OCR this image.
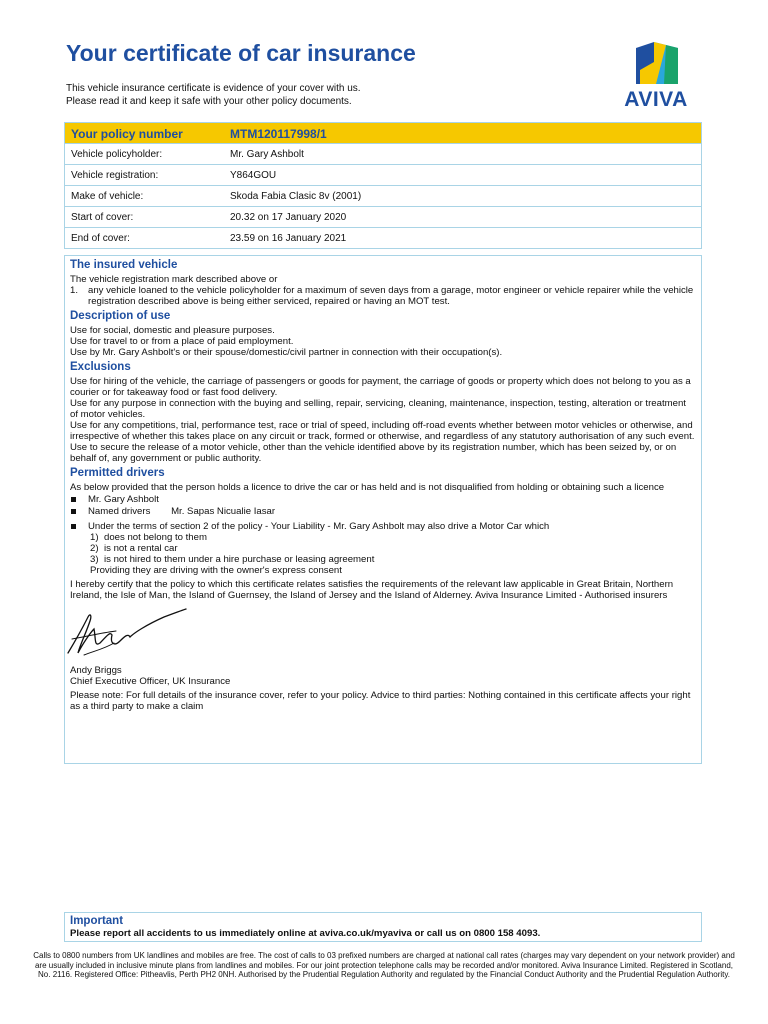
Your certificate of car insurance
This vehicle insurance certificate is evidence of your cover with us.
Please read it and keep it safe with your other policy documents.	AVIVA
Your policy number	MTM120117998/1
Vehicle policyholder:	Mr. Gary Ashbolt
Vehicle registration:	Y864GOU
Make of vehicle:	Skoda Fabia Clasic 8v (2001)
Start of cover:	20.32 on 17 January 2020
End of cover:	23.59 on 16 January 2021
The insured vehicle

The vehicle registration mark described above or

1. any vehicle loaned to the vehicle policyholder for a maximum of seven days from a garage, motor engineer or vehicle repairer while the vehicle registration described above is being either serviced, repaired or having an MOT test.
Description of use

Use for social, domestic and pleasure purposes.

Use for travel to or from a place of paid employment.

Use by Mr. Gary Ashbolt's or their spouse/domestic/civil partner in connection with their occupation(s).

Exclusions

Use for hiring of the vehicle, the carriage of passengers or goods for payment, the carriage of goods or property which does not belong to you as a courier or for takeaway food or fast food delivery.

Use for any purpose in connection with the buying and selling, repair, servicing, cleaning, maintenance, inspection, testing, alteration or treatment of motor vehicles.

Use for any competitions, trial, performance test, race or trial of speed, including off-road events whether between motor vehicles or otherwise, and irrespective of whether this takes place on any circuit or track, formed or otherwise, and regardless of any statutory authorisation of any such event.

Use to secure the release of a motor vehicle, other than the vehicle identified above by its registration number, which has been seized by, or on behalf of, any government or public authority.

Permitted drivers

As below provided that the person holds a licence to drive the car or has held and is not disqualified from holding or obtaining such a licence

Mr. Gary Ashbolt
Named drivers Mr. Sapas Nicualie Iasar
Under the terms of section 2 of the policy - Your Liability - Mr. Gary Ashbolt may also drive a Motor Car which
1) does not belong to them
2) is not a rental car
3) is not hired to them under a hire purchase or leasing agreement

Providing they are driving with the owner's express consent

I hereby certify that the policy to which this certificate relates satisfies the requirements of the relevant law applicable in Great Britain, Northern Ireland, the Isle of Man, the Island of Guernsey, the Island of Jersey and the Island of Alderney. Aviva Insurance Limited - Authorised insurers

Andy Briggs

Chief Executive Officer, UK Insurance

Please note: For full details of the insurance cover, refer to your policy. Advice to third parties: Nothing contained in this certificate affects your right as a third party to make a claim

Important
Please report all accidents to us immediately online at aviva.co.uk/myaviva or call us on 0800 158 4093.
Calls to 0800 numbers from UK landlines and mobiles are free. The cost of calls to 03 prefixed numbers are charged at national call rates (charges may vary dependent on your network provider) and are usually included in inclusive minute plans from landlines and mobiles. For our joint protection telephone calls may be recorded and/or monitored. Aviva Insurance Limited. Registered in Scotland, No. 2116. Registered Office: Pitheavlis, Perth PH2 0NH. Authorised by the Prudential Regulation Authority and regulated by the Financial Conduct Authority and the Prudential Regulation Authority.
